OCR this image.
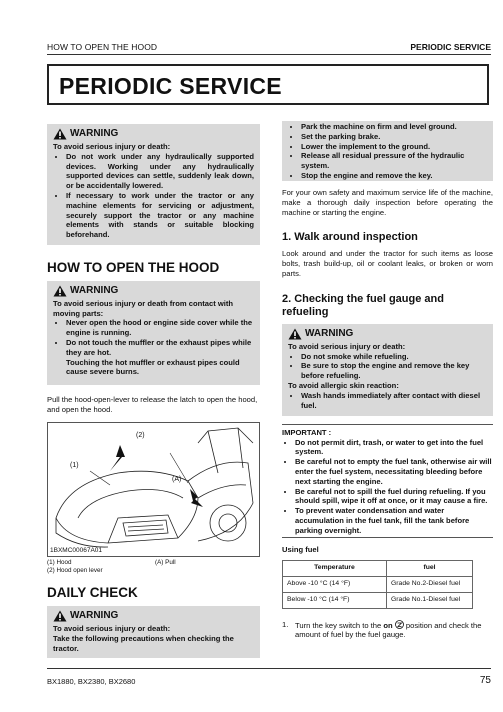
HOW TO OPEN THE HOOD	PERIODIC SERVICE
PERIODIC SERVICE
WARNING
To avoid serious injury or death:
• Do not work under any hydraulically supported devices. Working under any hydraulically supported devices can settle, suddenly leak down, or be accidentally lowered.
• If necessary to work under the tractor or any machine elements for servicing or adjustment, securely support the tractor or any machine elements with stands or suitable blocking beforehand.
HOW TO OPEN THE HOOD
WARNING
To avoid serious injury or death from contact with moving parts:
• Never open the hood or engine side cover while the engine is running.
• Do not touch the muffler or the exhaust pipes while they are hot.
Touching the hot muffler or exhaust pipes could cause severe burns.

Pull the hood-open-lever to release the latch to open the hood, and open the hood.

(1)
(2)
(A)
1BXMC00067A01
(1) Hood
(2) Hood open lever
(A) Pull
DAILY CHECK
WARNING
To avoid serious injury or death:
Take the following precautions when checking the tractor.
• Park the machine on firm and level ground.
• Set the parking brake.
• Lower the implement to the ground.
• Release all residual pressure of the hydraulic system.
• Stop the engine and remove the key.

For your own safety and maximum service life of the machine, make a thorough daily inspection before operating the machine or starting the engine.

1. Walk around inspection

Look around and under the tractor for such items as loose bolts, trash build-up, oil or coolant leaks, or broken or worn parts.

2. Checking the fuel gauge and refueling
WARNING
To avoid serious injury or death:
• Do not smoke while refueling.
• Be sure to stop the engine and remove the key before refueling.
To avoid allergic skin reaction:
• Wash hands immediately after contact with diesel fuel.
IMPORTANT :
• Do not permit dirt, trash, or water to get into the fuel system.
• Be careful not to empty the fuel tank, otherwise air will enter the fuel system, necessitating bleeding before next starting the engine.
• Be careful not to spill the fuel during refueling. If you should spill, wipe it off at once, or it may cause a fire.
• To prevent water condensation and water accumulation in the fuel tank, fill the tank before parking overnight.
Using fuel
Temperature	fuel
Above -10 °C (14 °F)	Grade No.2-Diesel fuel
Below -10 °C (14 °F)	Grade No.1-Diesel fuel
1. Turn the key switch to the on position and check the amount of fuel by the fuel gauge.
BX1880, BX2380, BX2680	75
